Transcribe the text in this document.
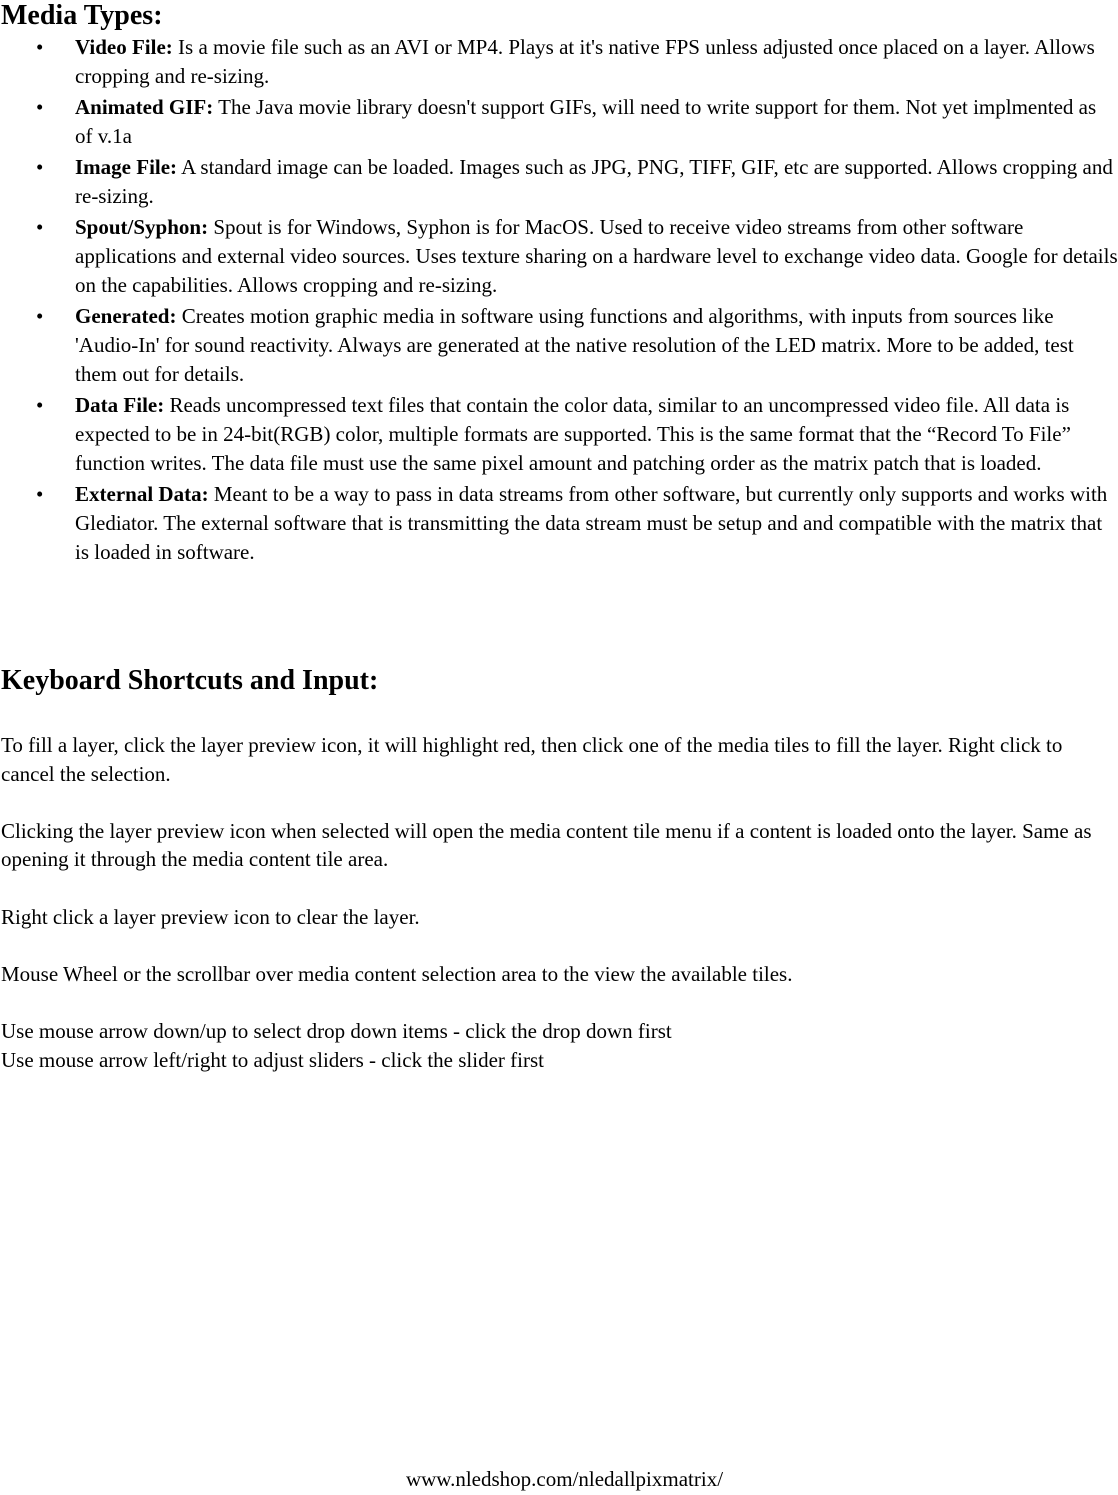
Media Types:
• Video File: Is a movie file such as an AVI or MP4. Plays at it's native FPS unless adjusted once placed on a layer. Allows cropping and re-sizing.
• Animated GIF: The Java movie library doesn't support GIFs, will need to write support for them. Not yet implmented as of v.1a
• Image File: A standard image can be loaded. Images such as JPG, PNG, TIFF, GIF, etc are supported. Allows cropping and re-sizing.
• Spout/Syphon: Spout is for Windows, Syphon is for MacOS. Used to receive video streams from other software applications and external video sources. Uses texture sharing on a hardware level to exchange video data. Google for details on the capabilities. Allows cropping and re-sizing.
• Generated: Creates motion graphic media in software using functions and algorithms, with inputs from sources like 'Audio-In' for sound reactivity. Always are generated at the native resolution of the LED matrix. More to be added, test them out for details.
• Data File: Reads uncompressed text files that contain the color data, similar to an uncompressed video file. All data is expected to be in 24-bit(RGB) color, multiple formats are supported. This is the same format that the “Record To File” function writes. The data file must use the same pixel amount and patching order as the matrix patch that is loaded.
• External Data: Meant to be a way to pass in data streams from other software, but currently only supports and works with Glediator. The external software that is transmitting the data stream must be setup and and compatible with the matrix that is loaded in software.
Keyboard Shortcuts and Input:

To fill a layer, click the layer preview icon, it will highlight red, then click one of the media tiles to fill the layer. Right click to cancel the selection.

Clicking the layer preview icon when selected will open the media content tile menu if a content is loaded onto the layer. Same as opening it through the media content tile area.

Right click a layer preview icon to clear the layer.

Mouse Wheel or the scrollbar over media content selection area to the view the available tiles.

Use mouse arrow down/up to select drop down items - click the drop down first

Use mouse arrow left/right to adjust sliders - click the slider first

www.nledshop.com/nledallpixmatrix/
